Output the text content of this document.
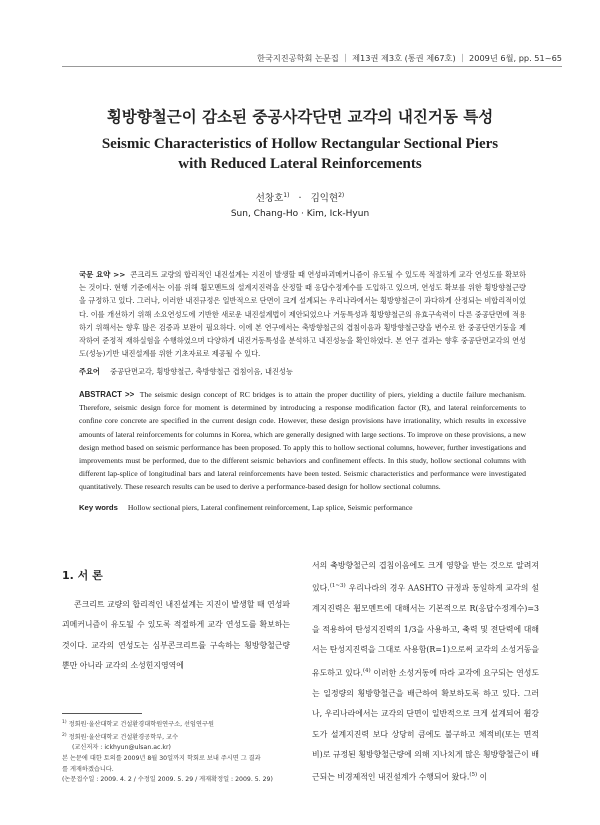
한국지진공학회 논문집 ｜ 제13권 제3호 (통권 제67호) ｜ 2009년 6월, pp. 51~65
횡방향철근이 감소된 중공사각단면 교각의 내진거동 특성
Seismic Characteristics of Hollow Rectangular Sectional Piers
with Reduced Lateral Reinforcements
선창호$^{1)}$ · 김익현$^{2)}$
Sun, Chang-Ho · Kim, Ick-Hyun
국문 요약 >> 콘크리트 교량의 합리적인 내진설계는 지진이 발생할 때 연성파괴메커니즘이 유도될 수 있도록 적절하게 교각 연성도를 확보하는 것이다. 현행 기준에서는 이를 위해 휨모멘트의 설계지진력을 산정할 때 응답수정계수를 도입하고 있으며, 연성도 확보를 위한 횡방향철근량을 규정하고 있다. 그러나, 이러한 내진규정은 일반적으로 단면이 크게 설계되는 우리나라에서는 횡방향철근이 과다하게 산정되는 비합리적이었다. 이를 개선하기 위해 소요연성도에 기반한 새로운 내진설계법이 제안되었으나 거동특성과 횡방향철근의 유효구속력이 다른 중공단면에 적용하기 위해서는 향후 많은 검증과 보완이 필요하다. 이에 본 연구에서는 축방향철근의 겹침이음과 횡방향철근량을 변수로 한 중공단면기둥을 제작하여 준정적 재하실험을 수행하였으며 다양하게 내진거동특성을 분석하고 내진성능을 확인하였다. 본 연구 결과는 향후 중공단면교각의 연성도(성능)기반 내진설계를 위한 기초자료로 제공될 수 있다.
주요어 중공단면교각, 횡방향철근, 축방향철근 겹침이음, 내진성능
ABSTRACT >> The seismic design concept of RC bridges is to attain the proper ductility of piers, yielding a ductile failure mechanism. Therefore, seismic design force for moment is determined by introducing a response modification factor (R), and lateral reinforcements to confine core concrete are specified in the current design code. However, these design provisions have irrationality, which results in excessive amounts of lateral reinforcements for columns in Korea, which are generally designed with large sections. To improve on these provisions, a new design method based on seismic performance has been proposed. To apply this to hollow sectional columns, however, further investigations and improvements must be performed, due to the different seismic behaviors and confinement effects. In this study, hollow sectional columns with different lap-splice of longitudinal bars and lateral reinforcements have been tested. Seismic characteristics and performance were investigated quantitatively. These research results can be used to derive a performance-based design for hollow sectional columns.
Key words Hollow sectional piers, Lateral confinement reinforcement, Lap splice, Seismic performance
1. 서 론

콘크리트 교량의 합리적인 내진설계는 지진이 발생할 때 연성파괴메커니즘이 유도될 수 있도록 적절하게 교각 연성도를 확보하는 것이다. 교각의 연성도는 심부콘크리트를 구속하는 횡방향철근량 뿐만 아니라 교각의 소성힌지영역에

서의 축방향철근의 겹침이음에도 크게 영향을 받는 것으로 알려져 있다.$^{(1\sim 3)}$ 우리나라의 경우 AASHTO 규정과 동일하게 교각의 설계지진력은 휨모멘트에 대해서는 기본적으로 R(응답수정계수)=3을 적용하여 탄성지진력의 1/3을 사용하고, 축력 및 전단력에 대해서는 탄성지진력을 그대로 사용함(R=1)으로써 교각의 소성거동을 유도하고 있다.$^{(4)}$ 이러한 소성거동에 따라 교각에 요구되는 연성도는 일정량의 횡방향철근을 배근하여 확보하도록 하고 있다. 그러나, 우리나라에서는 교각의 단면이 일반적으로 크게 설계되어 휨강도가 설계지진력 보다 상당히 큼에도 불구하고 체적비(또는 면적비)로 규정된 횡방향철근량에 의해 지나치게 많은 횡방향철근이 배근되는 비경제적인 내진설계가 수행되어 왔다.$^{(5)}$ 이

$^{1)}$ 정회원·울산대학교 건설환경대학원연구소, 선임연구원
$^{2)}$ 정회원·울산대학교 건설환경공학부, 교수
(교신저자 : ickhyun@ulsan.ac.kr)
본 논문에 대한 토의를 2009년 8월 30일까지 학회로 보내 주시면 그 결과
를 게재하겠습니다.
(논문접수일 : 2009. 4. 2 / 수정일 2009. 5. 29 / 게재확정일 : 2009. 5. 29)
